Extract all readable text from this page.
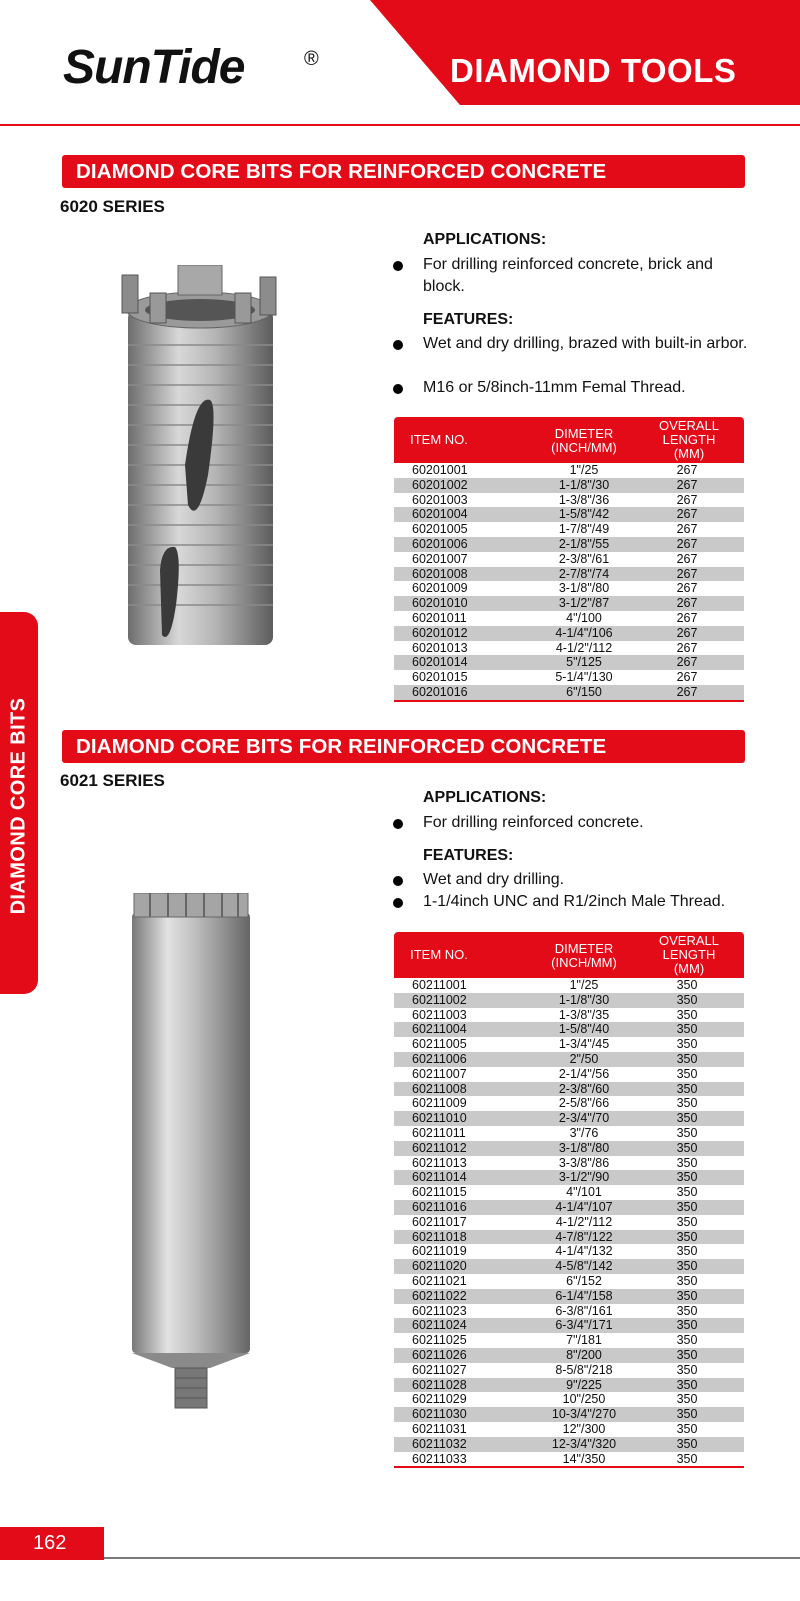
DIAMOND TOOLS
SunTide	®
DIAMOND CORE BITS
DIAMOND CORE BITS FOR REINFORCED CONCRETE
6020 SERIES
APPLICATIONS:
For drilling reinforced concrete, brick and block.
FEATURES:
Wet and dry drilling, brazed with built-in arbor.
M16 or 5/8inch-11mm Femal Thread.
ITEM NO.	DIMETER
(INCH/MM)
OVERALL
LENGTH
(MM)
60201001	1"/25	267
60201002	1-1/8"/30	267
60201003	1-3/8"/36	267
60201004	1-5/8"/42	267
60201005	1-7/8"/49	267
60201006	2-1/8"/55	267
60201007	2-3/8"/61	267
60201008	2-7/8"/74	267
60201009	3-1/8"/80	267
60201010	3-1/2"/87	267
60201011	4"/100	267
60201012	4-1/4"/106	267
60201013	4-1/2"/112	267
60201014	5"/125	267
60201015	5-1/4"/130	267
60201016	6"/150	267
DIAMOND CORE BITS FOR REINFORCED CONCRETE
6021 SERIES
APPLICATIONS:
For drilling reinforced concrete.
FEATURES:
Wet and dry drilling.
1-1/4inch UNC and R1/2inch Male Thread.
ITEM NO.	DIMETER
(INCH/MM)
OVERALL
LENGTH
(MM)
60211001	1"/25	350
60211002	1-1/8"/30	350
60211003	1-3/8"/35	350
60211004	1-5/8"/40	350
60211005	1-3/4"/45	350
60211006	2"/50	350
60211007	2-1/4"/56	350
60211008	2-3/8"/60	350
60211009	2-5/8"/66	350
60211010	2-3/4"/70	350
60211011	3"/76	350
60211012	3-1/8"/80	350
60211013	3-3/8"/86	350
60211014	3-1/2"/90	350
60211015	4"/101	350
60211016	4-1/4"/107	350
60211017	4-1/2"/112	350
60211018	4-7/8"/122	350
60211019	4-1/4"/132	350
60211020	4-5/8"/142	350
60211021	6"/152	350
60211022	6-1/4"/158	350
60211023	6-3/8"/161	350
60211024	6-3/4"/171	350
60211025	7"/181	350
60211026	8"/200	350
60211027	8-5/8"/218	350
60211028	9"/225	350
60211029	10"/250	350
60211030	10-3/4"/270	350
60211031	12"/300	350
60211032	12-3/4"/320	350
60211033	14"/350	350
162
